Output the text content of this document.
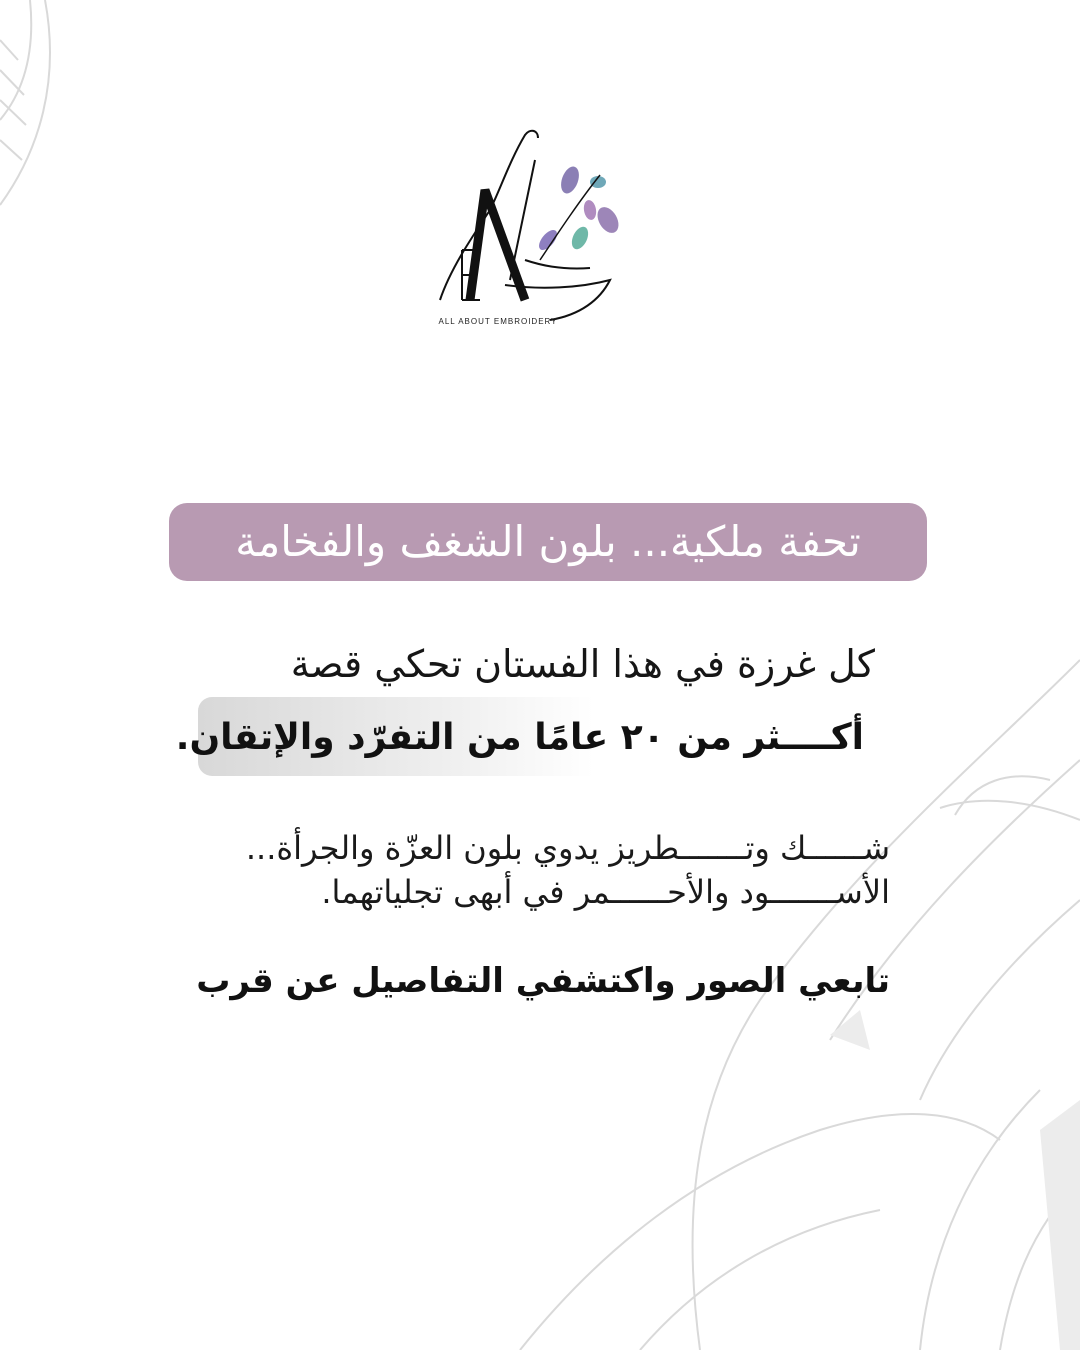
ALL ABOUT EMBROIDERY
تحفة ملكية... بلون الشغف والفخامة
كل غرزة في هذا الفستان تحكي قصة
أكــــثر من ٢٠ عامًا من التفرّد والإتقان.
شــــــك وتـــــــطريز يدوي بلون العزّة والجرأة...
الأســـــــود والأحــــــمر في أبهى تجلياتهما.
تابعي الصور واكتشفي التفاصيل عن قرب
